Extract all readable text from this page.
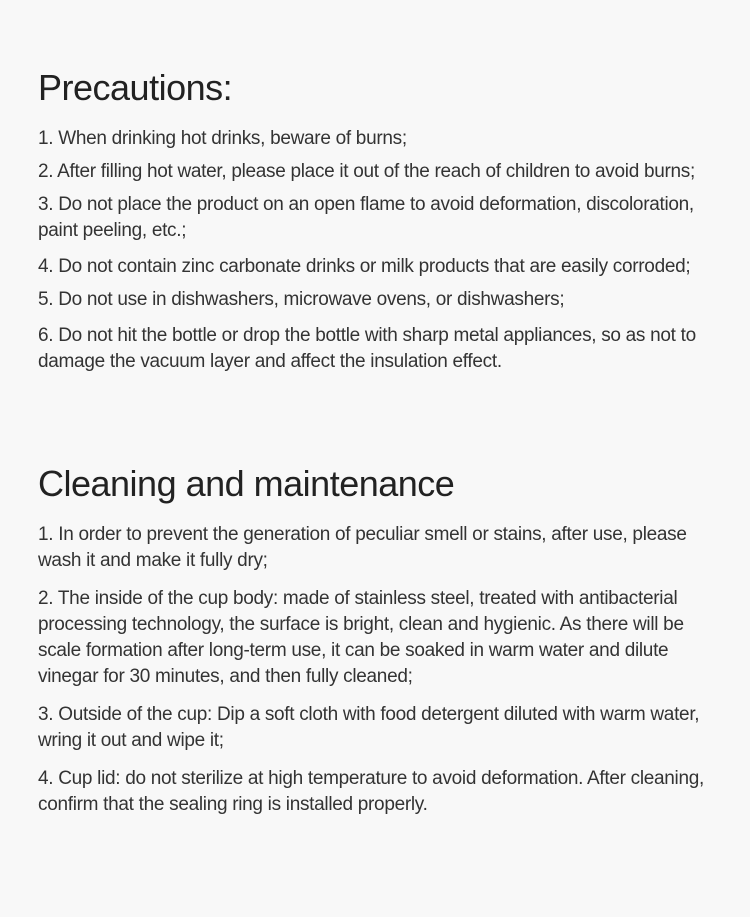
Precautions:
1. When drinking hot drinks, beware of burns;
2. After filling hot water, please place it out of the reach of children to avoid burns;
3. Do not place the product on an open flame to avoid deformation, discoloration, paint peeling, etc.;
4. Do not contain zinc carbonate drinks or milk products that are easily corroded;
5. Do not use in dishwashers, microwave ovens, or dishwashers;
6. Do not hit the bottle or drop the bottle with sharp metal appliances, so as not to damage the vacuum layer and affect the insulation effect.
Cleaning and maintenance
1. In order to prevent the generation of peculiar smell or stains, after use, please wash it and make it fully dry;
2. The inside of the cup body: made of stainless steel, treated with antibacterial processing technology, the surface is bright, clean and hygienic. As there will be scale formation after long-term use, it can be soaked in warm water and dilute vinegar for 30 minutes, and then fully cleaned;
3. Outside of the cup: Dip a soft cloth with food detergent diluted with warm water, wring it out and wipe it;
4. Cup lid: do not sterilize at high temperature to avoid deformation. After cleaning, confirm that the sealing ring is installed properly.
